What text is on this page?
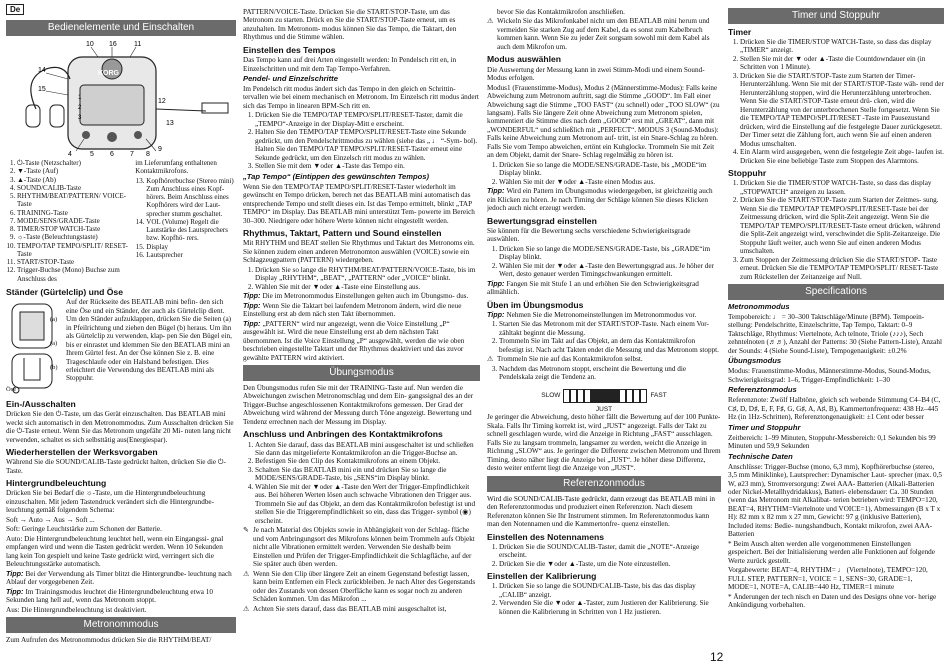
De
Bedienelemente und Einschalten
10 16 11
14
15
1
2
3
12
13
4	5 6 7 8
9
KORG
1. ⏻-Taste (Netzschalter)
2. ▼-Taste (Auf)
3. ▲-Taste (Ab)
4. SOUND/CALIB-Taste
5. RHYTHM/BEAT/PATTERN/ VOICE-Taste
6. TRAINING-Taste
7. MODE/SENS/GRADE-Taste
8. TIMER/STOP WATCH-Taste
9. ☼-Taste (Beleuchtungstaste)
10. TEMPO/TAP TEMPO/SPLIT/ RESET-Taste
11. START/STOP-Taste
12. Trigger-Buchse (Mono) Buchse zum Anschluss des

im Lieferumfang enthaltenen Kontaktmikrofons.

13. Kopfhörerbuchse (Stereo mini) Zum Anschluss eines Kopf- hörers. Beim Anschluss eines Kopfhörers wird der Laut- sprecher stumm geschaltet.
14. VOL (Volume) Regelt die Lautstärke des Lautsprechers bzw. Kopfhö- rers.
15. Display
16. Lautsprecher
Ständer (Gürtelclip) und Öse
(a)
(a)
(b)
Öse

Auf der Rückseite des BEATLAB mini befin- den sich eine Öse und ein Ständer, der auch als Gürtelclip dient. Um den Ständer aufzuklappen, drücken Sie die Seiten (a) in Pfeilrichtung und ziehen den Bügel (b) heraus. Um ihn als Gürtelclip zu verwenden, klap- pen Sie den Bügel ein, bis er einrastet und klemmen Sie den BEATLAB mini an Ihrem Gürtel fest. An der Öse können Sie z. B. eine Trageschlaufe oder ein Halsband befestigen. Dies erleichtert die Verwendung des BEATLAB mini als Stoppuhr.

Ein-/Ausschalten

Drücken Sie den ⏻-Taste, um das Gerät einzuschalten. Das BEATLAB mini weckt sich automatisch in den Metronommodus. Zum Ausschalten drücken Sie die ⏻-Taste erneut. Wenn Sie das Metronom ungefähr 20 Mi- nuten lang nicht verwenden, schaltet es sich selbsttätig aus(Energiespar).

Wiederherstellen der Werksvorgaben

Während Sie die SOUND/CALIB-Taste gedrückt halten, drücken Sie die ⏻-Taste.

Hintergrundbeleuchtung

Drücken Sie bei Bedarf die ☼-Taste, um die Hintergrundbeleuchtung einzuschalten. Mit jedem Tastendruck verändert sich die Hintergrundbe- leuchtung gemäß folgendem Schema:

Soft → Auto → Aus → Soft ...

Soft: Geringe Leuchtstärke zum Schonen der Batterie.

Auto: Die Hintergrundbeleuchtung leuchtet hell, wenn ein Eingangssi- gnal empfangen wird und wenn die Tasten gedrückt werden. Wenn 10 Sekunden lang kein Ton gespielt und keine Taste gedrückt wird, verringert sich die Beleuchtungsstärke automatisch.

Tipp: Bei der Verwendung als Timer blitzt die Hintergrundbe- leuchtung nach Ablauf der vorgegebenen Zeit.

Tipp: Im Trainingsmodus leuchtet die Hintergrundbeleuchtung etwa 10 Sekunden lang hell auf, wenn das Metronom stoppt.

Aus: Die Hintergrundbeleuchtung ist deaktiviert.

Metronommodus

Zum Aufrufen des Metronommodus drücken Sie die RHYTHM/BEAT/

PATTERN/VOICE-Taste. Drücken Sie die START/STOP-Taste, um das Metronom zu starten. Drück en Sie die START/STOP-Taste erneut, um es anzuhalten. Im Metronom- modus können Sie das Tempo, die Taktart, den Rhythmus und die Stimme wählen.

Einstellen des Tempos

Das Tempo kann auf drei Arten eingestellt werden: In Pendelsch ritt en, in Einzelschritten und mit dem Tap Tempo-Verfahren.

Pendel- und Einzelschritte

Im Pendelsch ritt modus ändert sich das Tempo in den gleich en Schrittin- tervallen wie bei einem mechanisch en Metronom. Im Einzelsch ritt modus ändert sich das Tempo in linearen BPM-Sch ritt en.

1. Drücken Sie die TEMPO/TAP TEMPO/SPLIT/RESET-Taster, damit die „TEMPO“-Anzeige in der Display-Mitt e erscheint.
2. Halten Sie den TEMPO/TAP TEMPO/SPLIT/RESET-Taste eine Sekunde gedrückt, um den Pendelschrittmodus zu wählen (siehe das „ ♩ “-Sym- bol). Halten Sie den TEMPO/TAP TEMPO/SPLIT/RESET-Taster erneut eine Sekunde gedrückt, um den Einzelsch ritt modus zu wählen.
3. Stellen Sie mit dem ▼oder ▲-Taste das Tempo ein.
„Tap Tempo“ (Eintippen des gewünschten Tempos)

Wenn Sie den TEMPO/TAP TEMPO/SPLIT/RESET-Taster wiederholt im gewünscht en Tempo drücken, berech net das BEATLAB mini automatisch das entsprechende Tempo und stellt dieses ein. Ist das Tempo ermittelt, blinkt „TAP TEMPO“ im Display. Das BEATLAB mini unterstützt Tem- powerte im Bereich 30–300. Niedrigere oder höhere Werte können nicht eingestellt werden.

Rhythmus, Taktart, Pattern und Sound einstellen

Mit RHYTHM und BEAT stellen Sie Rhythmus und Taktart des Metronoms ein. Sie können zudem einen anderen Metronomton auswählen (VOICE) sowie ein Schlagzeugpattern (PATTERN) wiedergeben.

1. Drücken Sie so lange die RHYTHM/BEAT/PATTERN/VOICE-Taste, bis im Display „RHYTHM“, „BEAT“, „PATTERN“ oder „VOICE“ blinkt.
2. Wählen Sie mit der ▼oder ▲-Taste eine Einstellung aus.

Tipp: Die im Metronommodus Einstellungen gelten auch im Übungsmo- dus.

Tipp: Wenn Sie die Taktart bei laufendem Metronom ändern, wird die neue Einstellung erst ab dem näch sten Takt übernommen.

Tipp: „PATTERN“ wird nur angezeigt, wenn die Voice Einstellung „P“ ausgewählt ist. Wird die neue Einstellung erst ab dem nächsten Takt übernommen. Ist die Voice Einstellung „P“ ausgewählt, werden die wie oben beschrieben eingestellte Taktart und der Rhythmus deaktiviert und das zuvor gewählte PATTERN wird aktiviert.

Übungsmodus

Den Übungsmodus rufen Sie mit der TRAINING-Taste auf. Nun werden die Abweichungen zwischen Metronomschlag und dem Ein- gangssignal des an der Trigger-Buchse angeschlossenen Kontaktmikrofons gemessen. Der Grad der Abweichung wird während der Messung durch Töne angezeigt. Bewertung und Tendenz errechnen nach der Messung im Display.

Anschluss und Anbringen des Kontaktmikrofons
1. Achten Sie darauf, dass das BEATLAB mini ausgeschaltet ist und schließen Sie dann das mitgelieferte Kontaktmikrofon an die Trigger-Buchse an.
2. Befestigen Sie den Clip des Kontaktmikrofons an einem Objekt.
3. Schalten Sie das BEATLAB mini ein und drücken Sie so lange die MODE/SENS/GRADE-Taste, bis „SENS“im Display blinkt.
4. Wählen Sie mit der ▼oder ▲-Taste den Wert der Trigger-Empfindlichkeit aus. Bei höheren Werten lösen auch schwache Vibrationen den Trigger aus. Trommeln Sie auf das Objekt, an dem das Kontaktmikrofon befestigt ist und stellen Sie die Triggerempfindlichkeit so ein, dass das Trigger- symbol (◉) erscheint.

✎ Je nach Material des Objekts sowie in Abhängigkeit von der Schlag- fläche und vom Anbringungsort des Mikrofons können beim Trommeln aufs Objekt nicht alle Vibrationen ermittelt werden. Verwenden Sie deshalb beim Einstellen und Prüfen der Trigger-Empfindlichkeit die Schlagfläche, auf der Sie später auch üben werden.

⚠ Wenn Sie den Clip über längere Zeit an einem Gegenstand befestigt lassen, kann beim Entfernen ein Fleck zurückbleiben. Je nach Alter des Gegenstands oder des Zustands von dessen Oberfläche kann es sogar noch zu anderen Schäden kommen. Um das Mikrofon ...

⚠ Achten Sie stets darauf, dass das BEATLAB mini ausgeschaltet ist,

bevor Sie das Kontaktmikrofon anschließen.

⚠ Wickeln Sie das Mikrofonkabel nicht um den BEATLAB mini herum und vermeiden Sie starken Zug auf dem Kabel, da es sonst zum Kabelbruch kommen kann. Wenn Sie zu jeder Zeit sorgsam sowohl mit dem Kabel als auch dem Mikrofon um.

Modus auswählen

Die Auswertung der Messung kann in zwei Stimm-Modi und einem Sound-Modus erfolgen.

Modus1 (Frauenstimme-Modus), Modus 2 (Männerstimme-Modus): Falls keine Abweichung zum Metronom auftritt, sagt die Stimme „GOOD“. Im Fall einer Abweichung sagt die Stimme „TOO FAST“ (zu schnell) oder „TOO SLOW“ (zu langsam). Falls Sie längere Zeit ohne Abweichung zum Metronom spielen, kommentiert die Stimme dies nach dem „GOOD“ erst mit „GREAT“, dann mit „WONDERFUL“ und schließlich mit „PERFECT“. MODUS 3 (Sound-Modus): Falls keine Abweichung zum Metronom auf- tritt, ist ein Snare-Schlag zu hören. Falls Sie vom Tempo abweichen, ertönt ein Kuhglocke. Trommeln Sie mit Zeit an dem Objekt, damit der Snare- Schlag regelmäßig zu hören ist.

1. Drücken Sie so lange die MODE/SENS/GRADE-Taste, bis „MODE“im Display blinkt.
2. Wählen Sie mit der ▼oder ▲-Taste einen Modus aus.

Tipp: Wird ein Pattern im Übungsmodus wiedergegeben, ist gleichzeitig auch ein Klicken zu hören. Je nach Timing der Schläge können Sie dieses Klicken jedoch auch nicht erzeugt werden.

Bewertungsgrad einstellen

Sie können für die Bewertung sechs verschiedene Schwierigkeitsgrade auswählen.

1. Drücken Sie so lange die MODE/SENS/GRADE-Taste, bis „GRADE“im Display blinkt.
2. Wählen Sie mit der ▼oder ▲-Taste den Bewertungsgrad aus. Je höher der Wert, desto genauer werden Timingschwankungen ermittelt.

Tipp: Fangen Sie mit Stufe 1 an und erhöhen Sie den Schwierigkeitsgrad allmählich.

Üben im Übungsmodus

Tipp: Nehmen Sie die Metronomeinstellungen im Metronommodus vor.

1. Starten Sie das Metronom mit der START/STOP-Taste. Nach einem Vor- zähltakt beginnt die Messung.
2. Trommeln Sie im Takt auf das Objekt, an dem das Kontaktmikrofon befestigt ist. Nach acht Takten endet die Messung und das Metronom stoppt.

⚠ Trommeln Sie nie auf das Kontaktmikrofon selbst.

3. Nachdem das Metronom stoppt, erscheint die Bewertung und die Pendelskala zeigt die Tendenz an.
SLOW	FAST
JUST

Je geringer die Abweichung, desto höher fällt die Bewertung auf der 100 Punkte-Skala. Falls Ihr Timing korrekt ist, wird „JUST“ angezeigt. Falls der Takt zu schnell geschlagen wurde, wird die Anzeige in Richtung „FAST“ ausschlagen. Falls Sie zu langsam trommeln, langsamer zu werden, weicht die Anzeige in Richtung „SLOW“ aus. Je geringer die Differenz zwischen Metronom und Ihrem Timing, desto näher liegt die Anzeige bei „JUST“. Je höher diese Differenz, desto weiter entfernt liegt die Anzeige von „JUST“.

Referenzonmodus

Wird die SOUND/CALIB-Taste gedrückt, dann erzeugt das BEATLAB mini in den Referenztonmodus und produziert einen Referenzton. Nach diesem Referenzton können Sie Ihr Instrument stimmen. Im Referenztonmodus kann man den Notennamen und die Kammertonfre- quenz einstellen.

Einstellen des Notennamens
1. Drücken Sie die SOUND/CALIB-Taster, damit die „NOTE“-Anzeige erscheint.
2. Drücken Sie die ▼oder ▲-Taste, um die Note einzustellen.
Einstellen der Kalibrierung
1. Drücken Sie so lange die SOUND/CALIB-Taste, bis das das display „CALIB“ anzeigt.
2. Verwenden Sie die ▼oder ▲-Taster, zum Justieren der Kalibrierung. Sie können die Kalibrierung in Schritten von 1 Hz justieren.
Timer und Stoppuhr
Timer
1. Drücken Sie die TIMER/STOP WATCH-Taste, so dass das display „TIMER“ anzeigt.
2. Stellen Sie mit der ▼ oder ▲-Taste die Countdowndauer ein (in Schritten von 1 Minute).
3. Drücken Sie die START/STOP-Taste zum Starten der Timer- Herunterzählung. Wenn Sie mit der START/STOP-Taste wäh- rend der Herunterzählung stoppen, wird die Herunterzählung unterbrochen. Wenn Sie die START/STOP-Taste erneut drü- cken, wird die Herunterzählung von der unterbrochenen Stelle fortgesetzt. Wenn Sie die TEMPO/TAP TEMPO/SPLIT/RESET -Taste im Pausezustand drücken, wird die Einstellung auf die festgelegte Dauer zurückgesetzt. Der Timer setzt die Zählung fort, auch wenn Sie auf einen anderen Modus umschalten.
4. Ein Alarm wird ausgegeben, wenn die festgelegte Zeit abge- laufen ist. Drücken Sie eine beliebige Taste zum Stoppen des Alarmtons.
Stoppuhr
1. Drücken Sie die TIMER/STOP WATCH-Taste, so dass das display „STOPWATCH“ anzeigen zu lassen.
2. Drücken Sie die START/STOP-Taste zum Starten der Zeitmes- sung. Wenn Sie die TEMPO/TAP TEMPO/SPLIT/RESET-Taste bei der Zeitmessung drücken, wird die Split-Zeit angezeigt. Wenn Sie die TEMPO/TAP TEMPO/SPLIT/RESET-Taste erneut drücken, während die Split-Zeit angezeigt wird, verschwindet die Split-Zeitanzeige. Die Stoppuhr läuft weiter, auch wenn Sie auf einen anderen Modus umschalten.
3. Zum Stoppen der Zeitmessung drücken Sie die START/STOP- Taste erneut. Drücken Sie die TEMPO/TAP TEMPO/SPLIT/ RESET-Taste zum Rückstellen der Zeitanzeige auf Null.
Specifications
Metronommodus

Tempobereich: ♩ = 30–300 Taktschläge/Minute (BPM). Tempoein- stellung: Pendelschritte, Einzelschritte, Tap Tempo, Taktart: 0–9 Taktschläge, Rhythmus: Viertelnote, Ach telnote, Triole (♪♪♪), Sech zehntelnoten (♬♬), Anzahl der Patterns: 30 (Siehe Pattern-Liste), Anzahl der Sounds: 4 (Siehe Sound-Liste), Tempogenauigkeit: ±0.2%

Übungsmodus

Modus: Frauenstimme-Modus, Männerstimme-Modus, Sound-Modus, Schwierigkeitsgrad: 1–6, Trigger-Empfindlichkeit: 1–30

Referenztonmodus

Referenznote: Zwölf Halbtöne, gleich sch webende Stimmung C4–B4 (C, C♯, D, D♯, E, F, F♯, G, G♯, A, A♯, B), Kammertonfrequenz: 438 Hz–445 Hz (in 1Hz-Schritten), Referenztongenauigkeit: ±1 Cent oder besser

Timer und Stoppuhr

Zeitbereich: 1–99 Minuten, Stoppuhr-Messbereich: 0,1 Sekunden bis 99 Minuten und 59,9 Sekunden

Technische Daten

Anschlüsse: Trigger-Buchse (mono, 6,3 mm), Kopfhörerbuchse (stereo, 3,5 mm Miniklinke), Lautsprecher: Dynamischer Laut- sprecher (max. 0,5 W, ø23 mm), Stromversorgung: Zwei AAA- Batterien (Alkali-Batterien oder Nickel-Metallhydridakkus), Batteri- elebensdauer: Ca. 30 Stunden (wenn das Metronom mit Alkalibat- terien betrieben wird: TEMPO=120, BEAT=4, RHYTHM=Viertelnote und VOICE=1), Abmessungen (B x T x H): 82 mm x 82 mm x 27 mm, Gewicht: 97 g (inklusive Batterien), Included items: Bedie- nungshandbuch, Kontakt mikrofon, zwei AAA-Batterien

* Beim Ausch alten werden alle vorgenommenen Einstellungen gespeichert. Bei der Initialisierung werden alle Funktionen auf folgende Werte zurück gestellt.

Vorgabewerte: BEAT=4, RHYTHM= ♩ (Viertelnote), TEMPO=120, FULL STEP, PATTERN=1, VOICE = 1, SENS=30, GRADE=1, MODE=1, NOTE=A, CALIB=440 Hz, TIMER=1 minute

* Änderungen der tech nisch en Daten und des Designs ohne vor- herige Ankündigung vorbehalten.

12
